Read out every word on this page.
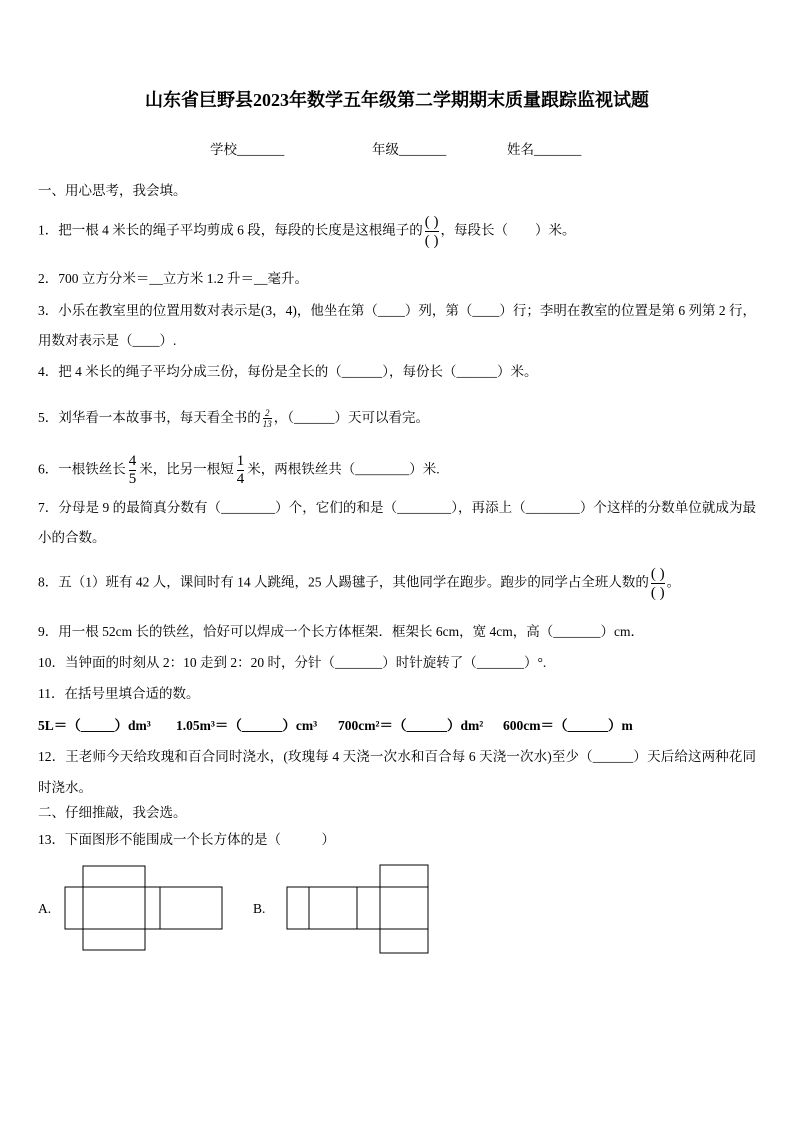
山东省巨野县2023年数学五年级第二学期期末质量跟踪监视试题
学校_______	年级_______	姓名_______
一、用心思考，我会填。
1．把一根 4 米长的绳子平均剪成 6 段，每段的长度是这根绳子的 $\frac{( )}{( )}$ ，每段长（　　）米。
2．700 立方分米＝__立方米 1.2 升＝__毫升。
3．小乐在教室里的位置用数对表示是(3，4)，他坐在第（____）列，第（____）行；李明在教室的位置是第 6 列第 2 行，用数对表示是（____）.
4．把 4 米长的绳子平均分成三份，每份是全长的（______），每份长（______）米。
5．刘华看一本故事书，每天看全书的 $\frac{2}{13}$ ，（______）天可以看完。
6．一根铁丝长 $\frac{4}{5}$ 米，比另一根短 $\frac{1}{4}$ 米，两根铁丝共（________）米.
7．分母是 9 的最简真分数有（________）个，它们的和是（________），再添上（________）个这样的分数单位就成为最小的合数。
8．五（1）班有 42 人，课间时有 14 人跳绳，25 人踢毽子，其他同学在跑步。跑步的同学占全班人数的 $\frac{( )}{( )}$ 。
9．用一根 52cm 长的铁丝，恰好可以焊成一个长方体框架．框架长 6cm，宽 4cm，高（_______）cm．
10．当钟面的时刻从 2：10 走到 2：20 时，分针（_______）时针旋转了（_______）°.
11．在括号里填合适的数。
5L＝（_____）dm³ 1.05m³＝（______）cm³ 700cm²＝（______）dm² 600cm＝（______）m
12．王老师今天给玫瑰和百合同时浇水，(玫瑰每 4 天浇一次水和百合每 6 天浇一次水)至少（______）天后给这两种花同时浇水。
二、仔细推敲，我会选。
13．下面图形不能围成一个长方体的是（　　　）
A.	B.
